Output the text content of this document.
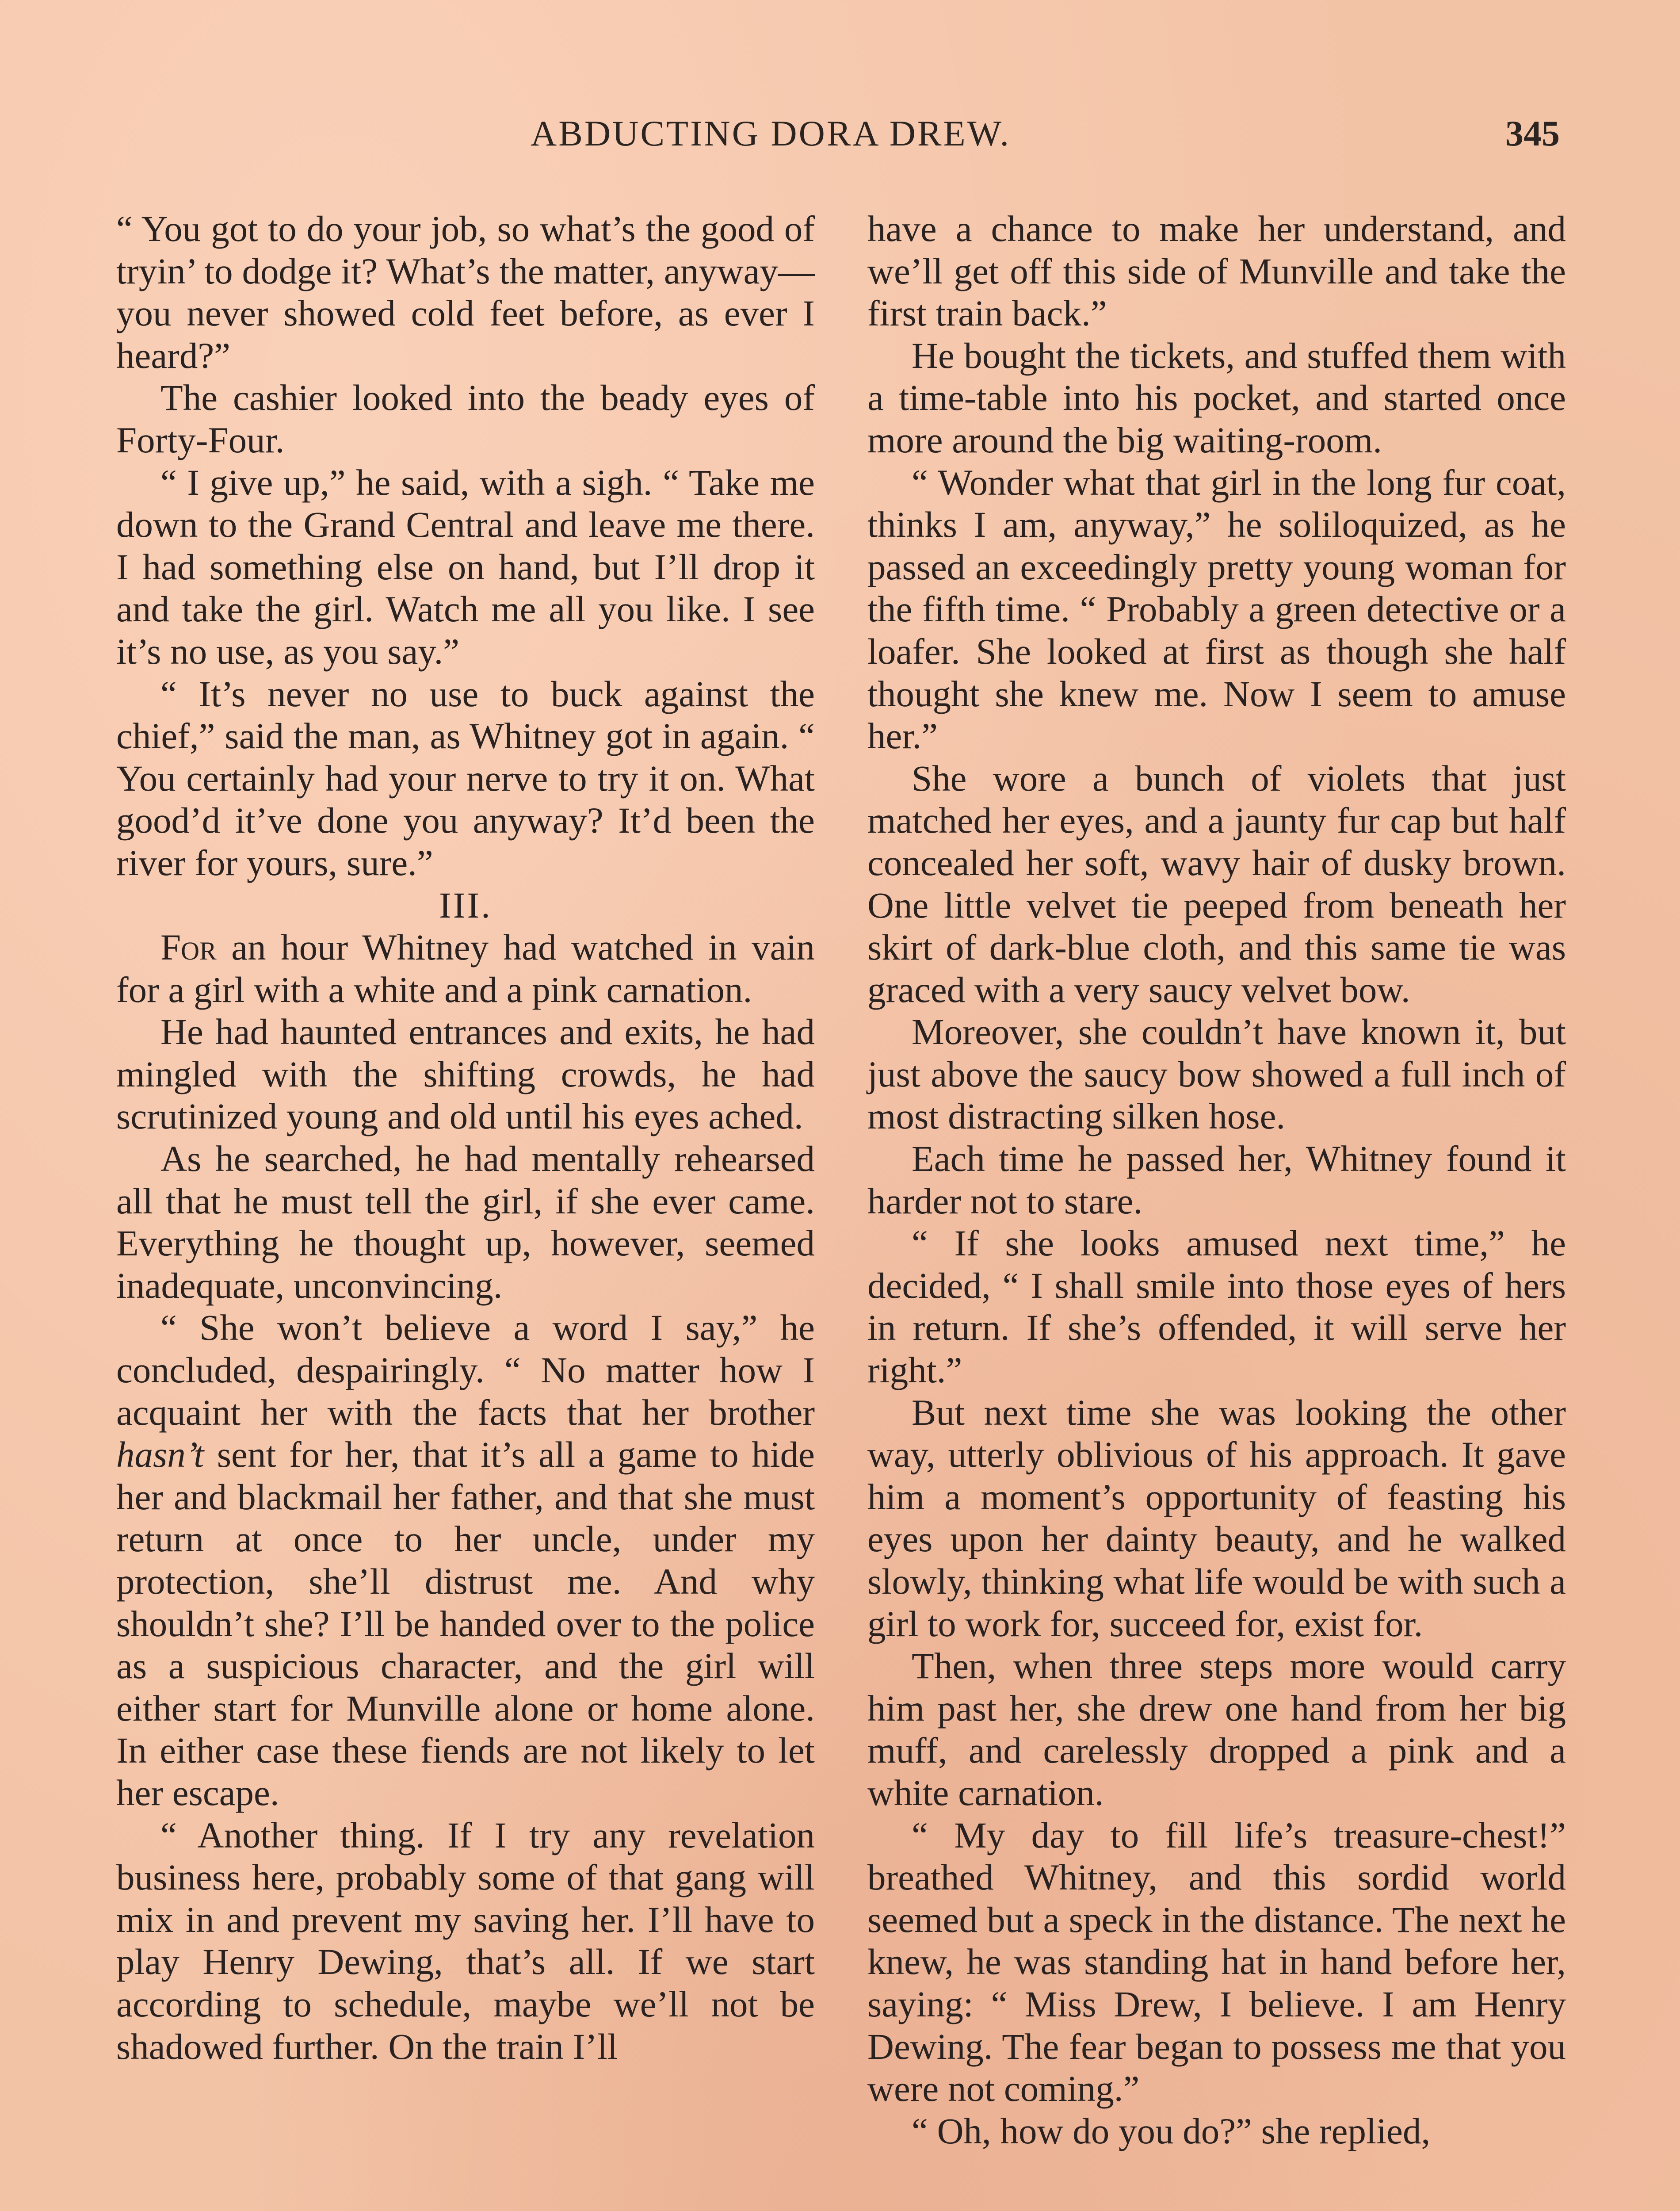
ABDUCTING DORA DREW.	345

“ You got to do your job, so what’s the good of tryin’ to dodge it? What’s the matter, anyway—you never showed cold feet before, as ever I heard?”

The cashier looked into the beady eyes of Forty-Four.

“ I give up,” he said, with a sigh. “ Take me down to the Grand Central and leave me there. I had something else on hand, but I’ll drop it and take the girl. Watch me all you like. I see it’s no use, as you say.”

“ It’s never no use to buck against the chief,” said the man, as Whitney got in again. “ You certainly had your nerve to try it on. What good’d it’ve done you anyway? It’d been the river for yours, sure.”

III.

For an hour Whitney had watched in vain for a girl with a white and a pink carnation.

He had haunted entrances and exits, he had mingled with the shifting crowds, he had scrutinized young and old until his eyes ached.

As he searched, he had mentally rehearsed all that he must tell the girl, if she ever came. Everything he thought up, however, seemed inadequate, unconvincing.

“ She won’t believe a word I say,” he concluded, despairingly. “ No matter how I acquaint her with the facts that her brother hasn’t sent for her, that it’s all a game to hide her and blackmail her father, and that she must return at once to her uncle, under my protection, she’ll distrust me. And why shouldn’t she? I’ll be handed over to the police as a suspicious character, and the girl will either start for Munville alone or home alone. In either case these fiends are not likely to let her escape.

“ Another thing. If I try any revelation business here, probably some of that gang will mix in and prevent my saving her. I’ll have to play Henry Dewing, that’s all. If we start according to schedule, maybe we’ll not be shadowed further. On the train I’ll

have a chance to make her understand, and we’ll get off this side of Munville and take the first train back.”

He bought the tickets, and stuffed them with a time-table into his pocket, and started once more around the big waiting-room.

“ Wonder what that girl in the long fur coat, thinks I am, anyway,” he soliloquized, as he passed an exceedingly pretty young woman for the fifth time. “ Probably a green detective or a loafer. She looked at first as though she half thought she knew me. Now I seem to amuse her.”

She wore a bunch of violets that just matched her eyes, and a jaunty fur cap but half concealed her soft, wavy hair of dusky brown. One little velvet tie peeped from beneath her skirt of dark-blue cloth, and this same tie was graced with a very saucy velvet bow.

Moreover, she couldn’t have known it, but just above the saucy bow showed a full inch of most distracting silken hose.

Each time he passed her, Whitney found it harder not to stare.

“ If she looks amused next time,” he decided, “ I shall smile into those eyes of hers in return. If she’s offended, it will serve her right.”

But next time she was looking the other way, utterly oblivious of his approach. It gave him a moment’s opportunity of feasting his eyes upon her dainty beauty, and he walked slowly, thinking what life would be with such a girl to work for, succeed for, exist for.

Then, when three steps more would carry him past her, she drew one hand from her big muff, and carelessly dropped a pink and a white carnation.

“ My day to fill life’s treasure-chest!” breathed Whitney, and this sordid world seemed but a speck in the distance. The next he knew, he was standing hat in hand before her, saying: “ Miss Drew, I believe. I am Henry Dewing. The fear began to possess me that you were not coming.”

“ Oh, how do you do?” she replied,
